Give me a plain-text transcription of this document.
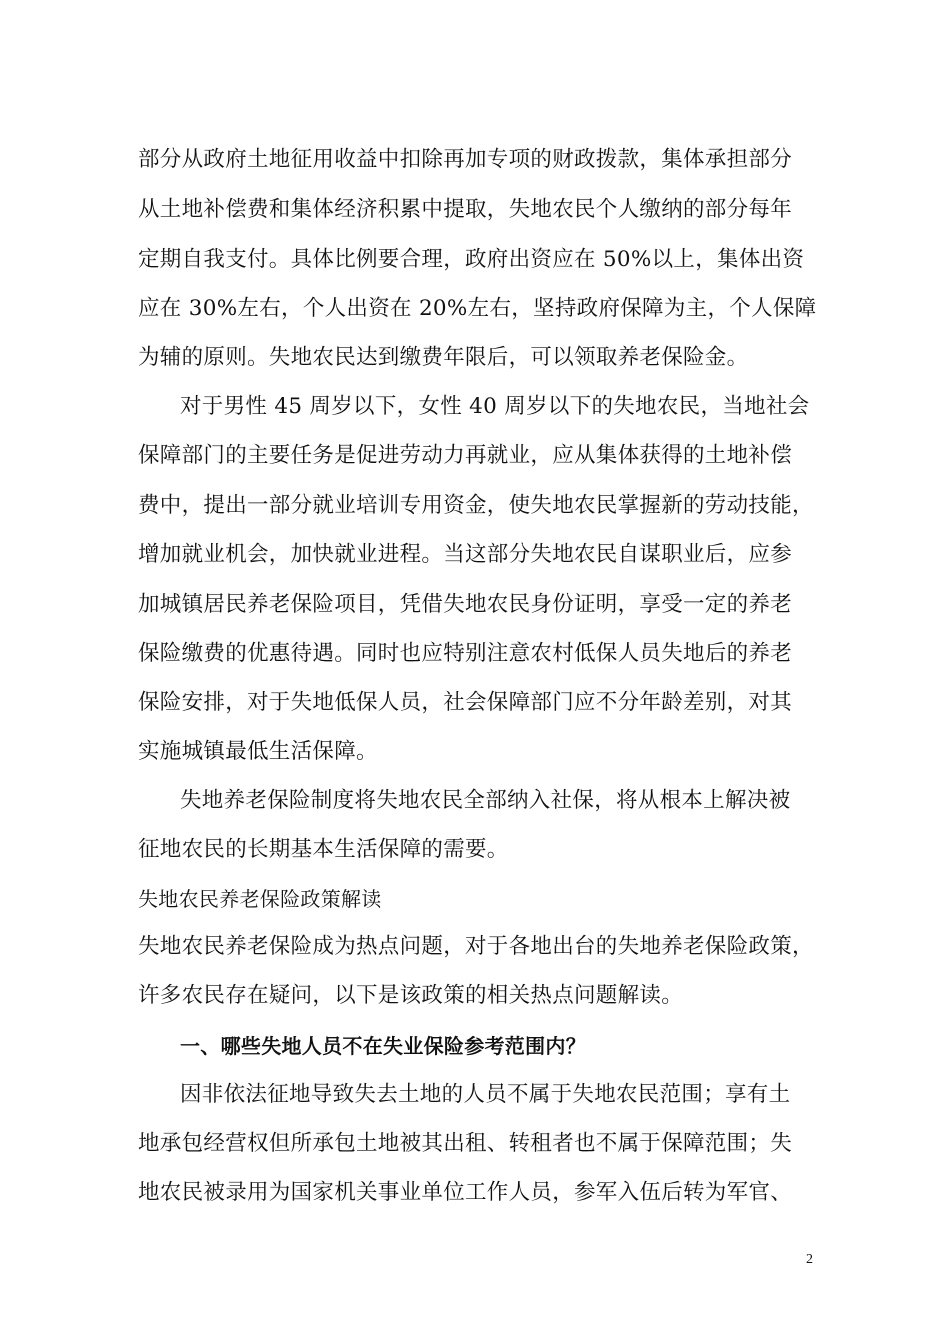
部分从政府土地征用收益中扣除再加专项的财政拨款，集体承担部分
从土地补偿费和集体经济积累中提取，失地农民个人缴纳的部分每年
定期自我支付。具体比例要合理，政府出资应在 50%以上，集体出资
应在 30%左右，个人出资在 20%左右，坚持政府保障为主，个人保障
为辅的原则。失地农民达到缴费年限后，可以领取养老保险金。
对于男性 45 周岁以下，女性 40 周岁以下的失地农民，当地社会
保障部门的主要任务是促进劳动力再就业，应从集体获得的土地补偿
费中，提出一部分就业培训专用资金，使失地农民掌握新的劳动技能，
增加就业机会，加快就业进程。当这部分失地农民自谋职业后，应参
加城镇居民养老保险项目，凭借失地农民身份证明，享受一定的养老
保险缴费的优惠待遇。同时也应特别注意农村低保人员失地后的养老
保险安排，对于失地低保人员，社会保障部门应不分年龄差别，对其
实施城镇最低生活保障。
失地养老保险制度将失地农民全部纳入社保，将从根本上解决被
征地农民的长期基本生活保障的需要。
失地农民养老保险政策解读
失地农民养老保险成为热点问题，对于各地出台的失地养老保险政策，
许多农民存在疑问，以下是该政策的相关热点问题解读。
一、哪些失地人员不在失业保险参考范围内？
因非依法征地导致失去土地的人员不属于失地农民范围；享有土
地承包经营权但所承包土地被其出租、转租者也不属于保障范围；失
地农民被录用为国家机关事业单位工作人员，参军入伍后转为军官、
2
